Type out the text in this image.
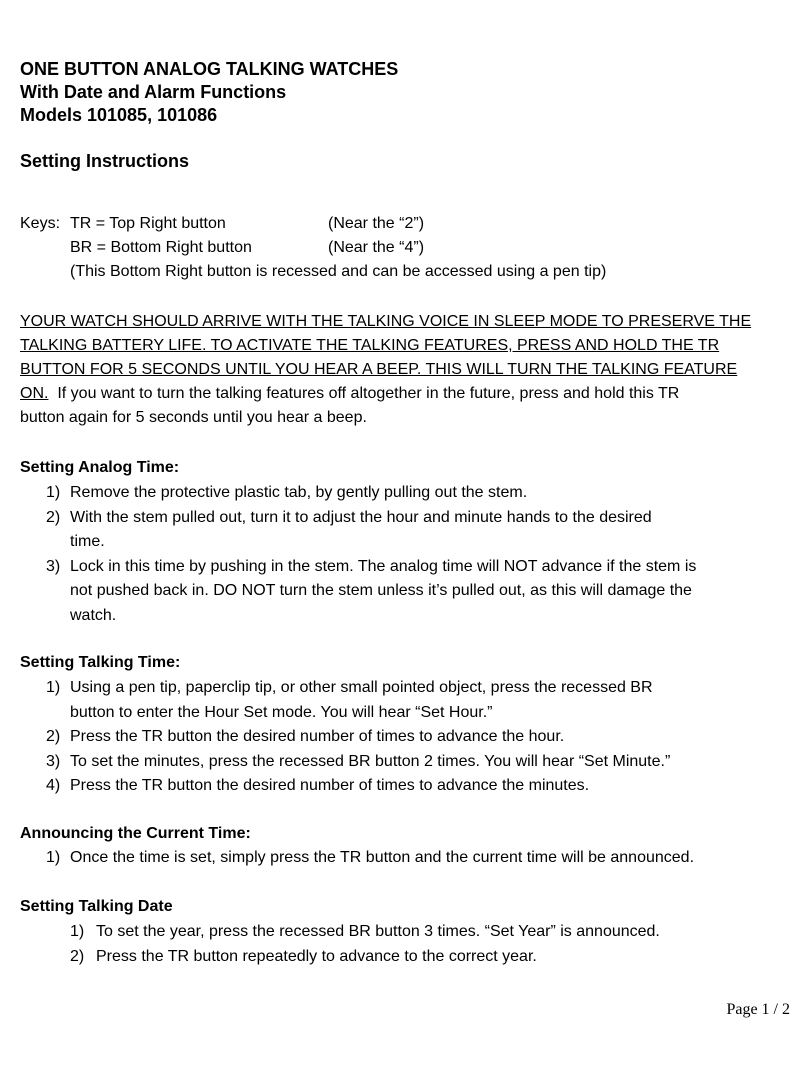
ONE BUTTON ANALOG TALKING WATCHES
With Date and Alarm Functions
Models 101085, 101086
Setting Instructions
Keys: TR = Top Right button	(Near the “2”)
BR = Bottom Right button	(Near the “4”)
(This Bottom Right button is recessed and can be accessed using a pen tip)
YOUR WATCH SHOULD ARRIVE WITH THE TALKING VOICE IN SLEEP MODE TO PRESERVE THE
TALKING BATTERY LIFE. TO ACTIVATE THE TALKING FEATURES, PRESS AND HOLD THE TR
BUTTON FOR 5 SECONDS UNTIL YOU HEAR A BEEP. THIS WILL TURN THE TALKING FEATURE
ON.  If you want to turn the talking features off altogether in the future, press and hold this TR
button again for 5 seconds until you hear a beep.
Setting Analog Time:
1) Remove the protective plastic tab, by gently pulling out the stem.
2) With the stem pulled out, turn it to adjust the hour and minute hands to the desired
time.
3) Lock in this time by pushing in the stem. The analog time will NOT advance if the stem is
not pushed back in. DO NOT turn the stem unless it’s pulled out, as this will damage the
watch.
Setting Talking Time:
1) Using a pen tip, paperclip tip, or other small pointed object, press the recessed BR
button to enter the Hour Set mode. You will hear “Set Hour.”
2) Press the TR button the desired number of times to advance the hour.
3) To set the minutes, press the recessed BR button 2 times. You will hear “Set Minute.”
4) Press the TR button the desired number of times to advance the minutes.
Announcing the Current Time:
1) Once the time is set, simply press the TR button and the current time will be announced.
Setting Talking Date
1) To set the year, press the recessed BR button 3 times. “Set Year” is announced.
2) Press the TR button repeatedly to advance to the correct year.
Page 1 / 2
